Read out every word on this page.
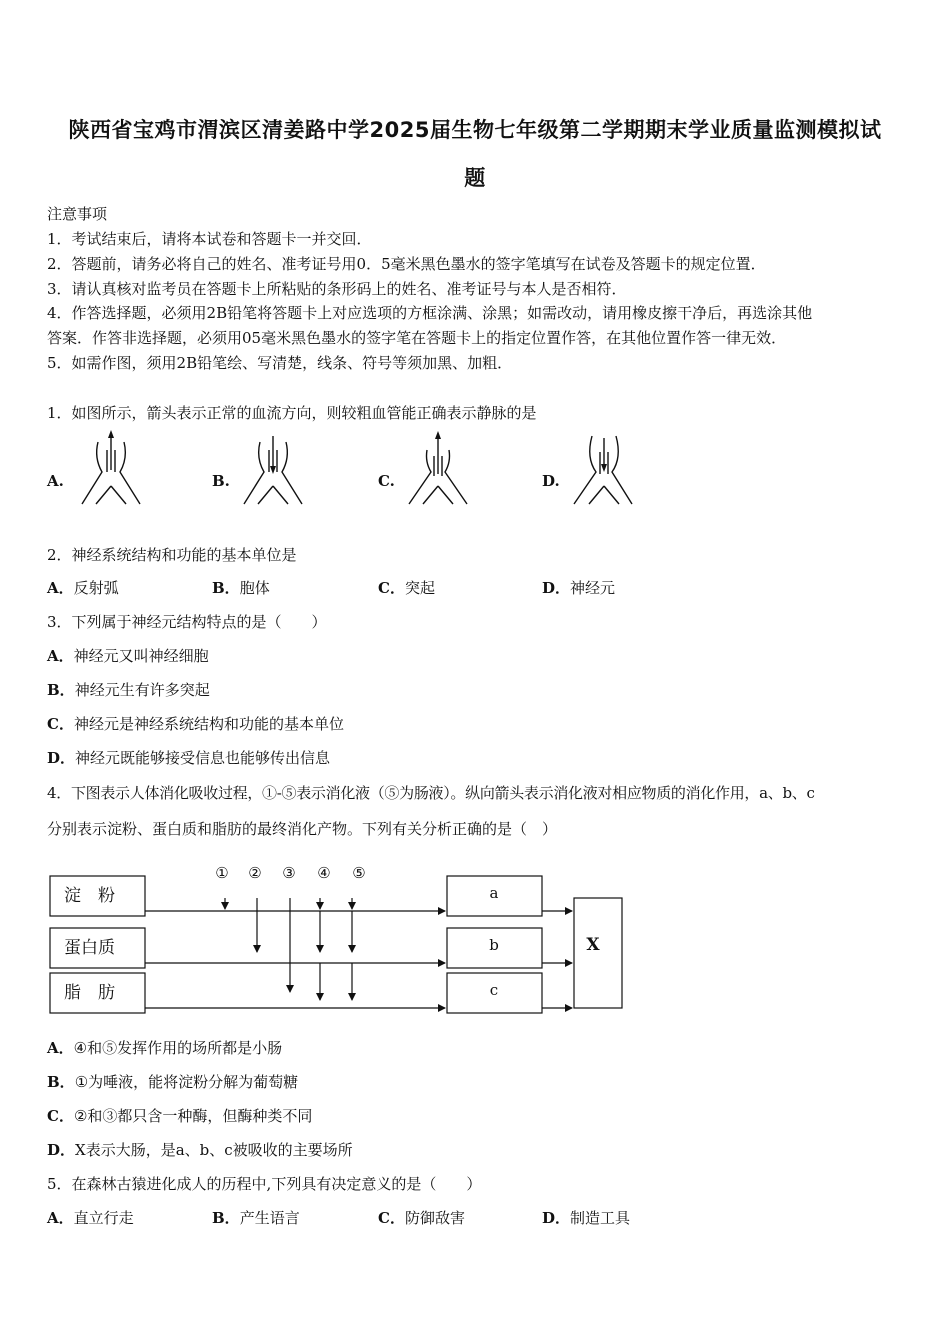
陕西省宝鸡市渭滨区清姜路中学2025届生物七年级第二学期期末学业质量监测模拟试
题
注意事项
1．考试结束后，请将本试卷和答题卡一并交回．
2．答题前，请务必将自己的姓名、准考证号用0．5毫米黑色墨水的签字笔填写在试卷及答题卡的规定位置．
3．请认真核对监考员在答题卡上所粘贴的条形码上的姓名、准考证号与本人是否相符．
4．作答选择题，必须用2B铅笔将答题卡上对应选项的方框涂满、涂黑；如需改动，请用橡皮擦干净后，再选涂其他
答案．作答非选择题，必须用05毫米黑色墨水的签字笔在答题卡上的指定位置作答，在其他位置作答一律无效．
5．如需作图，须用2B铅笔绘、写清楚，线条、符号等须加黑、加粗．
1．如图所示，箭头表示正常的血流方向，则较粗血管能正确表示静脉的是
A.	B.	C.	D.
2．神经系统结构和功能的基本单位是
A．反射弧	B．胞体	C．突起	D．神经元
3．下列属于神经元结构特点的是（　　）
A．神经元又叫神经细胞
B．神经元生有许多突起
C．神经元是神经系统结构和功能的基本单位
D．神经元既能够接受信息也能够传出信息
4．下图表示人体消化吸收过程，①-⑤表示消化液（⑤为肠液）。纵向箭头表示消化液对相应物质的消化作用，a、b、c
分别表示淀粉、蛋白质和脂肪的最终消化产物。下列有关分析正确的是（　）
淀　粉
蛋白质
脂　肪
① ② ③ ④ ⑤
a
b
c
X
A．④和⑤发挥作用的场所都是小肠
B．①为唾液，能将淀粉分解为葡萄糖
C．②和③都只含一种酶，但酶种类不同
D．X表示大肠，是a、b、c被吸收的主要场所
5．在森林古猿进化成人的历程中,下列具有决定意义的是（　　）
A．直立行走	B．产生语言	C．防御敌害	D．制造工具
